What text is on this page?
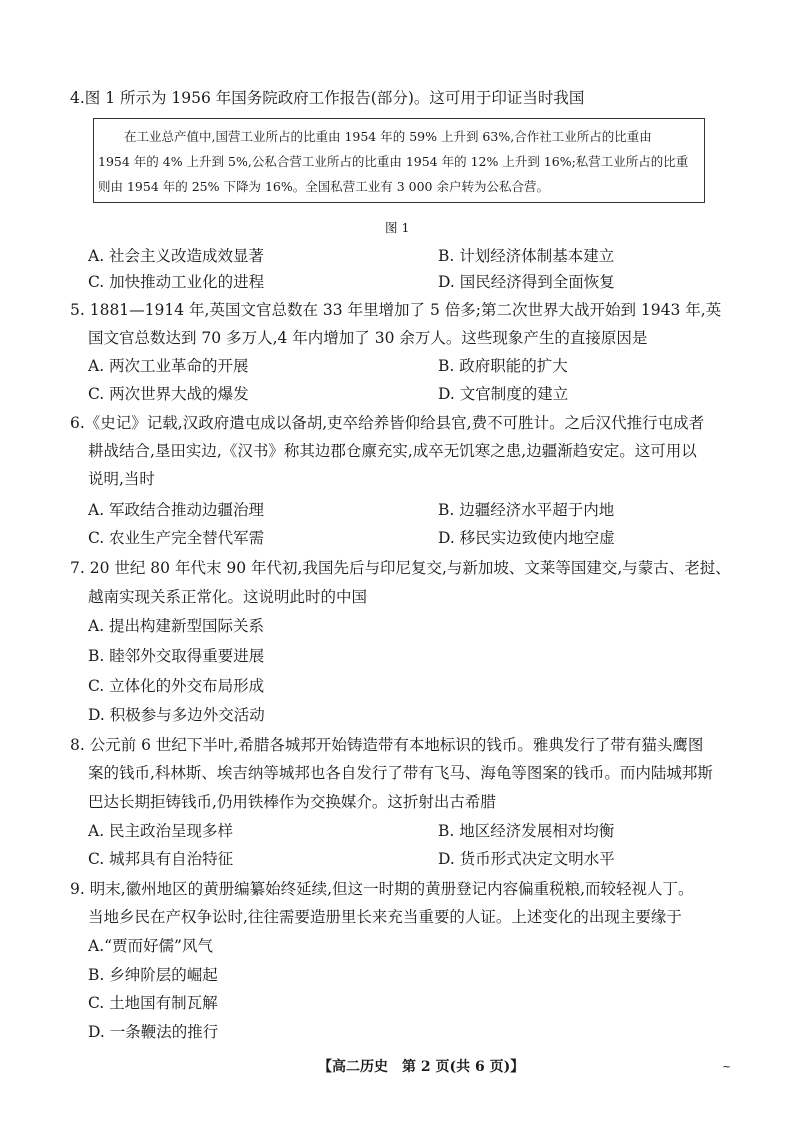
4.图 1 所示为 1956 年国务院政府工作报告(部分)。这可用于印证当时我国
在工业总产值中,国营工业所占的比重由 1954 年的 59% 上升到 63%,合作社工业所占的比重由
1954 年的 4% 上升到 5%,公私合营工业所占的比重由 1954 年的 12% 上升到 16%;私营工业所占的比重
则由 1954 年的 25% 下降为 16%。全国私营工业有 3 000 余户转为公私合营。
图 1
A. 社会主义改造成效显著	B. 计划经济体制基本建立
C. 加快推动工业化的进程	D. 国民经济得到全面恢复
5. 1881—1914 年,英国文官总数在 33 年里增加了 5 倍多;第二次世界大战开始到 1943 年,英
国文官总数达到 70 多万人,4 年内增加了 30 余万人。这些现象产生的直接原因是
A. 两次工业革命的开展	B. 政府职能的扩大
C. 两次世界大战的爆发	D. 文官制度的建立
6.《史记》记载,汉政府遣屯成以备胡,吏卒给养皆仰给县官,费不可胜计。之后汉代推行屯成者
耕战结合,垦田实边,《汉书》称其边郡仓廪充实,成卒无饥寒之患,边疆渐趋安定。这可用以
说明,当时
A. 军政结合推动边疆治理	B. 边疆经济水平超于内地
C. 农业生产完全替代军需	D. 移民实边致使内地空虚
7. 20 世纪 80 年代末 90 年代初,我国先后与印尼复交,与新加坡、文莱等国建交,与蒙古、老挝、
越南实现关系正常化。这说明此时的中国
A. 提出构建新型国际关系
B. 睦邻外交取得重要进展
C. 立体化的外交布局形成
D. 积极参与多边外交活动
8. 公元前 6 世纪下半叶,希腊各城邦开始铸造带有本地标识的钱币。雅典发行了带有猫头鹰图
案的钱币,科林斯、埃吉纳等城邦也各自发行了带有飞马、海龟等图案的钱币。而内陆城邦斯
巴达长期拒铸钱币,仍用铁棒作为交换媒介。这折射出古希腊
A. 民主政治呈现多样	B. 地区经济发展相对均衡
C. 城邦具有自治特征	D. 货币形式决定文明水平
9. 明末,徽州地区的黄册编纂始终延续,但这一时期的黄册登记内容偏重税粮,而较轻视人丁。
当地乡民在产权争讼时,往往需要造册里长来充当重要的人证。上述变化的出现主要缘于
A.“贾而好儒”风气
B. 乡绅阶层的崛起
C. 土地国有制瓦解
D. 一条鞭法的推行
【高二历史　第 2 页(共 6 页)】	~
